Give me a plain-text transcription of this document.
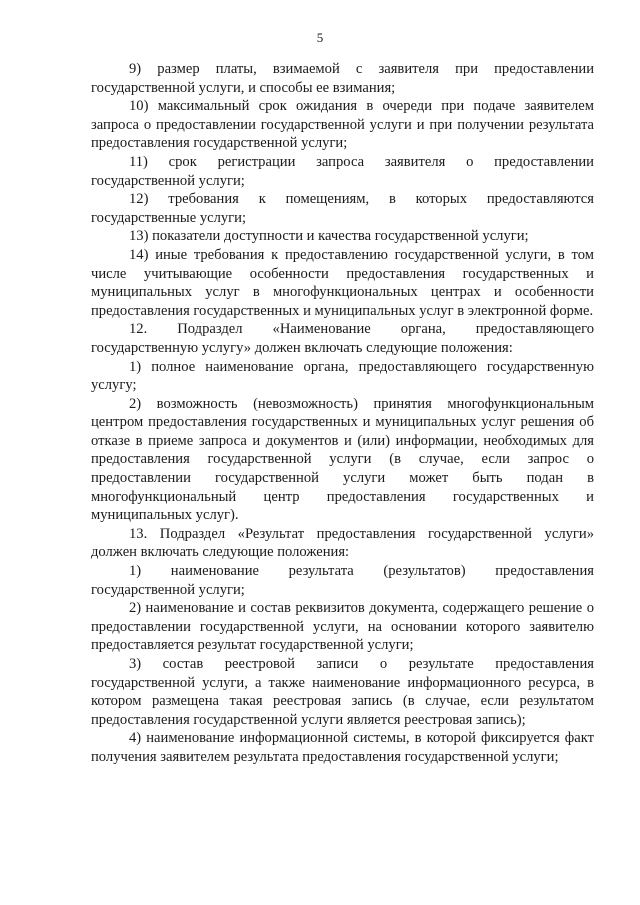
5

9) размер платы, взимаемой с заявителя при предоставлении государственной услуги, и способы ее взимания;

10) максимальный срок ожидания в очереди при подаче заявителем запроса о предоставлении государственной услуги и при получении результата предоставления государственной услуги;

11) срок регистрации запроса заявителя о предоставлении государственной услуги;

12) требования к помещениям, в которых предоставляются государственные услуги;

13) показатели доступности и качества государственной услуги;

14) иные требования к предоставлению государственной услуги, в том числе учитывающие особенности предоставления государственных и муниципальных услуг в многофункциональных центрах и особенности предоставления государственных и муниципальных услуг в электронной форме.

12. Подраздел «Наименование органа, предоставляющего государственную услугу» должен включать следующие положения:

1) полное наименование органа, предоставляющего государственную услугу;

2) возможность (невозможность) принятия многофункциональным центром предоставления государственных и муниципальных услуг решения об отказе в приеме запроса и документов и (или) информации, необходимых для предоставления государственной услуги (в случае, если запрос о предоставлении государственной услуги может быть подан в многофункциональный центр предоставления государственных и муниципальных услуг).

13. Подраздел «Результат предоставления государственной услуги» должен включать следующие положения:

1) наименование результата (результатов) предоставления государственной услуги;

2) наименование и состав реквизитов документа, содержащего решение о предоставлении государственной услуги, на основании которого заявителю предоставляется результат государственной услуги;

3) состав реестровой записи о результате предоставления государственной услуги, а также наименование информационного ресурса, в котором размещена такая реестровая запись (в случае, если результатом предоставления государственной услуги является реестровая запись);

4) наименование информационной системы, в которой фиксируется факт получения заявителем результата предоставления государственной услуги;
